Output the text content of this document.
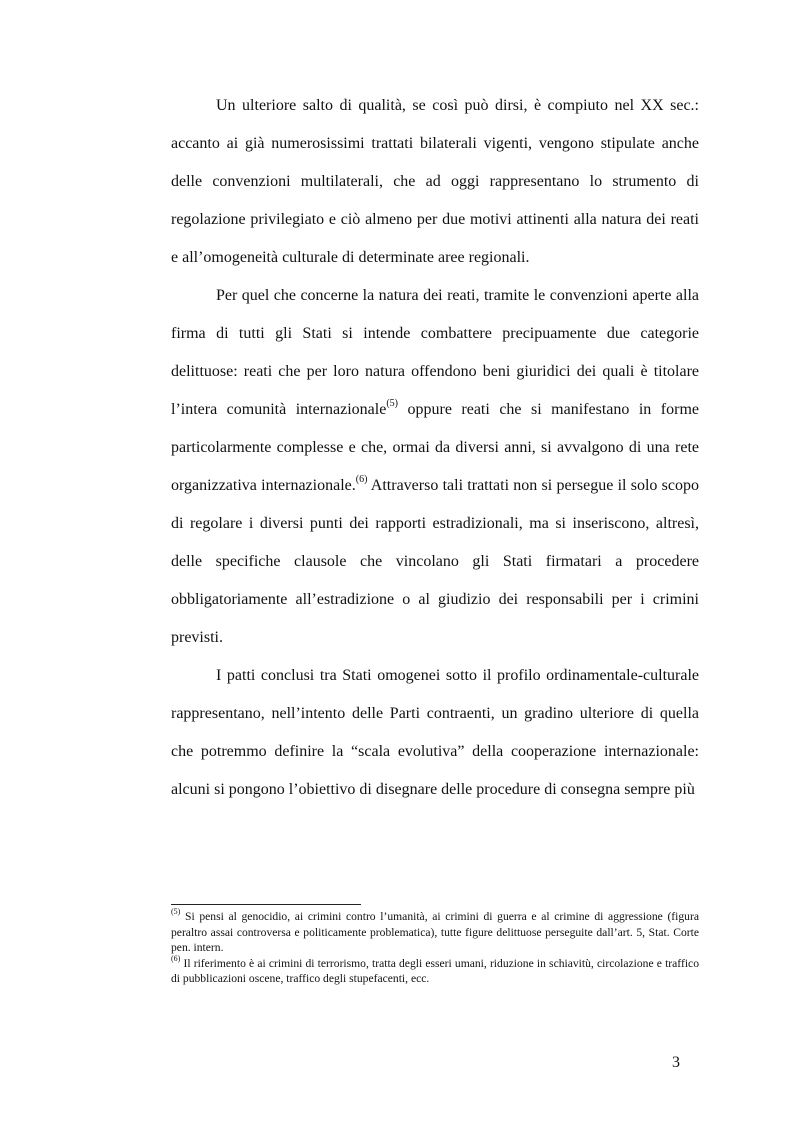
Un ulteriore salto di qualità, se così può dirsi, è compiuto nel XX sec.: accanto ai già numerosissimi trattati bilaterali vigenti, vengono stipulate anche delle convenzioni multilaterali, che ad oggi rappresentano lo strumento di regolazione privilegiato e ciò almeno per due motivi attinenti alla natura dei reati e all’omogeneità culturale di determinate aree regionali.

Per quel che concerne la natura dei reati, tramite le convenzioni aperte alla firma di tutti gli Stati si intende combattere precipuamente due categorie delittuose: reati che per loro natura offendono beni giuridici dei quali è titolare l’intera comunità internazionale$^{(5)}$ oppure reati che si manifestano in forme particolarmente complesse e che, ormai da diversi anni, si avvalgono di una rete organizzativa internazionale.$^{(6)}$ Attraverso tali trattati non si persegue il solo scopo di regolare i diversi punti dei rapporti estradizionali, ma si inseriscono, altresì, delle specifiche clausole che vincolano gli Stati firmatari a procedere obbligatoriamente all’estradizione o al giudizio dei responsabili per i crimini previsti.

I patti conclusi tra Stati omogenei sotto il profilo ordinamentale-culturale rappresentano, nell’intento delle Parti contraenti, un gradino ulteriore di quella che potremmo definire la “scala evolutiva” della cooperazione internazionale: alcuni si pongono l’obiettivo di disegnare delle procedure di consegna sempre più

$^{(5)}$ Si pensi al genocidio, ai crimini contro l’umanità, ai crimini di guerra e al crimine di aggressione (figura peraltro assai controversa e politicamente problematica), tutte figure delittuose perseguite dall’art. 5, Stat. Corte pen. intern.

$^{(6)}$ Il riferimento è ai crimini di terrorismo, tratta degli esseri umani, riduzione in schiavitù, circolazione e traffico di pubblicazioni oscene, traffico degli stupefacenti, ecc.

3
